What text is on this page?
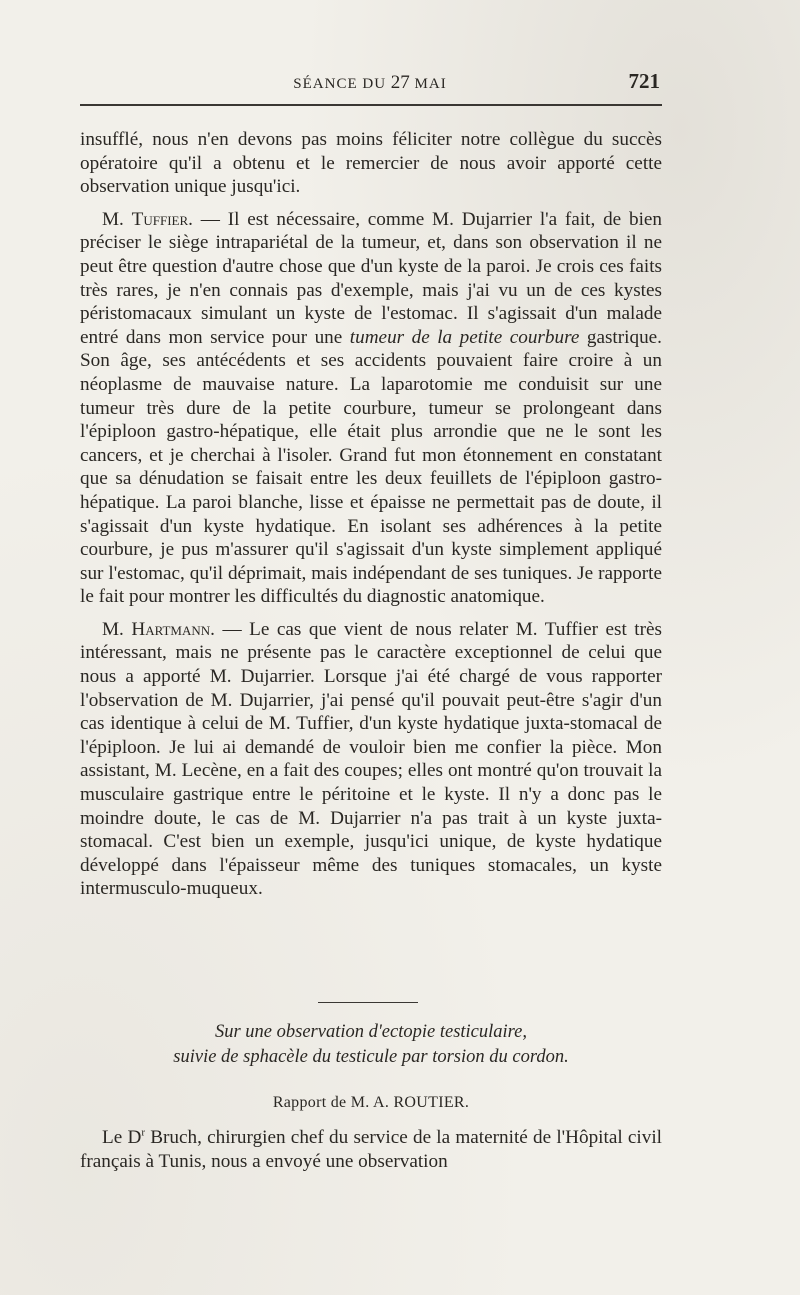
SÉANCE DU 27 MAI	721

insufflé, nous n'en devons pas moins féliciter notre collègue du succès opératoire qu'il a obtenu et le remercier de nous avoir apporté cette observation unique jusqu'ici.

M. Tuffier. — Il est nécessaire, comme M. Dujarrier l'a fait, de bien préciser le siège intrapariétal de la tumeur, et, dans son observation il ne peut être question d'autre chose que d'un kyste de la paroi. Je crois ces faits très rares, je n'en connais pas d'exemple, mais j'ai vu un de ces kystes péristomacaux simulant un kyste de l'estomac. Il s'agissait d'un malade entré dans mon service pour une tumeur de la petite courbure gastrique. Son âge, ses antécédents et ses accidents pouvaient faire croire à un néoplasme de mauvaise nature. La laparotomie me conduisit sur une tumeur très dure de la petite courbure, tumeur se prolongeant dans l'épiploon gastro-hépatique, elle était plus arrondie que ne le sont les cancers, et je cherchai à l'isoler. Grand fut mon étonnement en constatant que sa dénudation se faisait entre les deux feuillets de l'épiploon gastro-hépatique. La paroi blanche, lisse et épaisse ne permettait pas de doute, il s'agissait d'un kyste hydatique. En isolant ses adhérences à la petite courbure, je pus m'assurer qu'il s'agissait d'un kyste simplement appliqué sur l'estomac, qu'il déprimait, mais indépendant de ses tuniques. Je rapporte le fait pour montrer les difficultés du diagnostic anatomique.

M. Hartmann. — Le cas que vient de nous relater M. Tuffier est très intéressant, mais ne présente pas le caractère exceptionnel de celui que nous a apporté M. Dujarrier. Lorsque j'ai été chargé de vous rapporter l'observation de M. Dujarrier, j'ai pensé qu'il pouvait peut-être s'agir d'un cas identique à celui de M. Tuffier, d'un kyste hydatique juxta-stomacal de l'épiploon. Je lui ai demandé de vouloir bien me confier la pièce. Mon assistant, M. Lecène, en a fait des coupes; elles ont montré qu'on trouvait la musculaire gastrique entre le péritoine et le kyste. Il n'y a donc pas le moindre doute, le cas de M. Dujarrier n'a pas trait à un kyste juxta-stomacal. C'est bien un exemple, jusqu'ici unique, de kyste hydatique développé dans l'épaisseur même des tuniques stomacales, un kyste intermusculo-muqueux.

Sur une observation d'ectopie testiculaire,
suivie de sphacèle du testicule par torsion du cordon.
Rapport de M. A. ROUTIER.

Le $D^r$ Bruch, chirurgien chef du service de la maternité de l'Hôpital civil français à Tunis, nous a envoyé une observation
